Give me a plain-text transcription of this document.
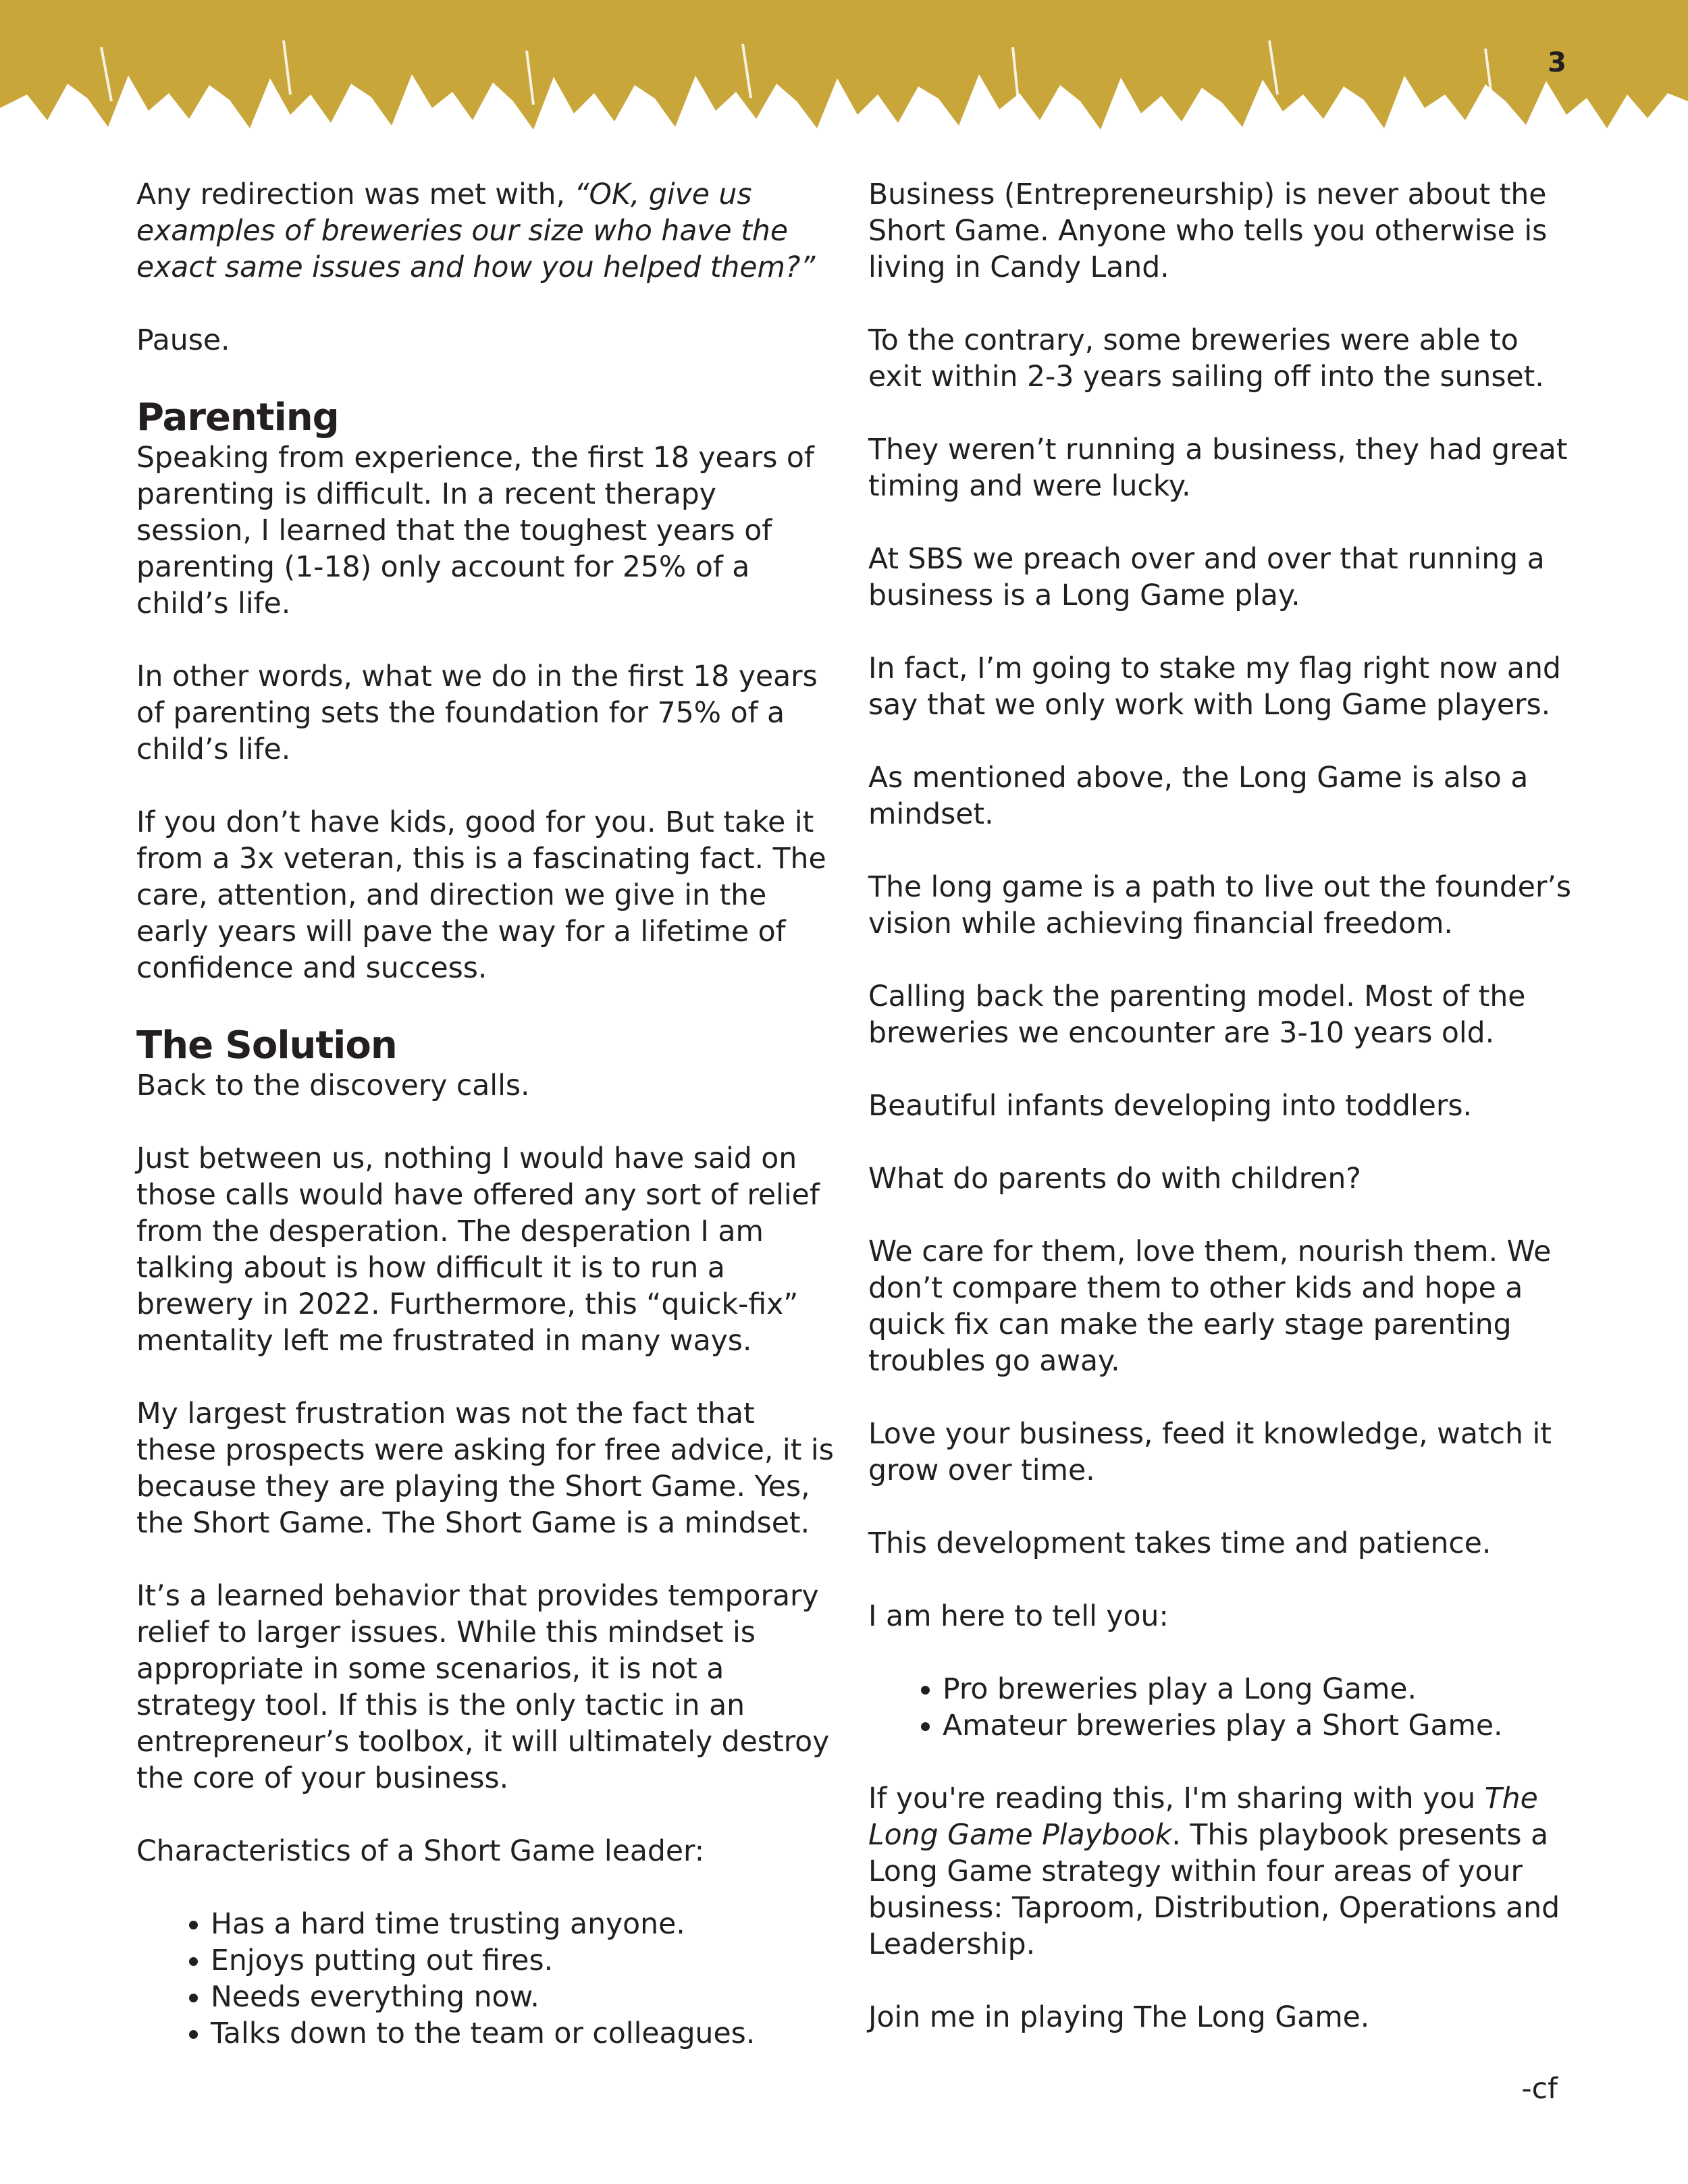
3

Any redirection was met with, “OK, give us examples of breweries our size who have the exact same issues and how you helped them?”

Pause.

Parenting

Speaking from experience, the first 18 years of parenting is difficult. In a recent therapy session, I learned that the toughest years of parenting (1-18) only account for 25% of a child’s life.

In other words, what we do in the first 18 years of parenting sets the foundation for 75% of a child’s life.

If you don’t have kids, good for you. But take it from a 3x veteran, this is a fascinating fact. The care, attention, and direction we give in the early years will pave the way for a lifetime of confidence and success.

The Solution

Back to the discovery calls.

Just between us, nothing I would have said on those calls would have offered any sort of relief from the desperation. The desperation I am talking about is how difficult it is to run a brewery in 2022. Furthermore, this “quick-fix” mentality left me frustrated in many ways.

My largest frustration was not the fact that these prospects were asking for free advice, it is because they are playing the Short Game. Yes, the Short Game. The Short Game is a mindset.

It’s a learned behavior that provides temporary relief to larger issues. While this mindset is appropriate in some scenarios, it is not a strategy tool. If this is the only tactic in an entrepreneur’s toolbox, it will ultimately destroy the core of your business.

Characteristics of a Short Game leader:

• Has a hard time trusting anyone.
• Enjoys putting out fires.
• Needs everything now.
• Talks down to the team or colleagues.

Business (Entrepreneurship) is never about the Short Game. Anyone who tells you otherwise is living in Candy Land.

To the contrary, some breweries were able to exit within 2-3 years sailing off into the sunset.

They weren’t running a business, they had great timing and were lucky.

At SBS we preach over and over that running a business is a Long Game play.

In fact, I’m going to stake my flag right now and say that we only work with Long Game players.

As mentioned above, the Long Game is also a mindset.

The long game is a path to live out the founder’s vision while achieving financial freedom.

Calling back the parenting model. Most of the breweries we encounter are 3-10 years old.

Beautiful infants developing into toddlers.

What do parents do with children?

We care for them, love them, nourish them. We don’t compare them to other kids and hope a quick fix can make the early stage parenting troubles go away.

Love your business, feed it knowledge, watch it grow over time.

This development takes time and patience.

I am here to tell you:

• Pro breweries play a Long Game.
• Amateur breweries play a Short Game.

If you're reading this, I'm sharing with you The Long Game Playbook. This playbook presents a Long Game strategy within four areas of your business: Taproom, Distribution, Operations and Leadership.

Join me in playing The Long Game.

-cf
